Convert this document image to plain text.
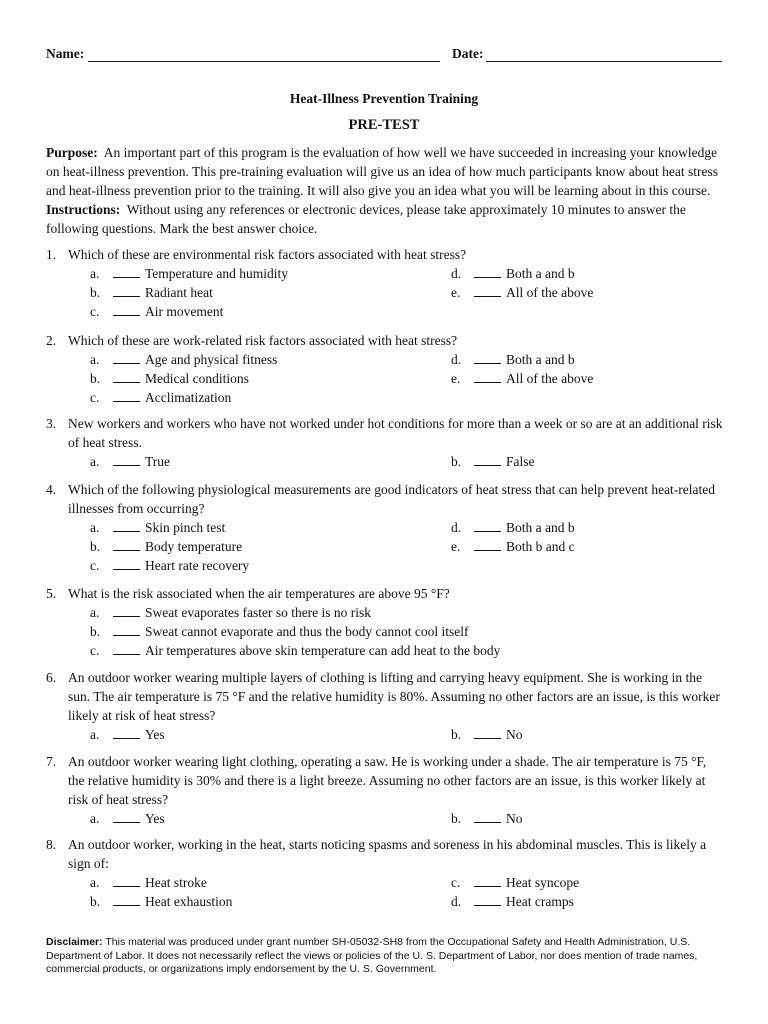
Name:	Date:
Heat-Illness Prevention Training
PRE-TEST
Purpose: An important part of this program is the evaluation of how well we have succeeded in increasing your knowledge on heat-illness prevention. This pre-training evaluation will give us an idea of how much participants know about heat stress and heat-illness prevention prior to the training. It will also give you an idea what you will be learning about in this course.  Instructions: Without using any references or electronic devices, please take approximately 10 minutes to answer the following questions. Mark the best answer choice.
1. Which of these are environmental risk factors associated with heat stress?
a.	Temperature and humidity
b.	Radiant heat
c.	Air movement
d.	Both a and b
e.	All of the above
2. Which of these are work-related risk factors associated with heat stress?
a.	Age and physical fitness
b.	Medical conditions
c.	Acclimatization
d.	Both a and b
e.	All of the above
3. New workers and workers who have not worked under hot conditions for more than a week or so are at an additional risk of heat stress.
a.	True	b.	False
4. Which of the following physiological measurements are good indicators of heat stress that can help prevent heat-related illnesses from occurring?
a.	Skin pinch test
b.	Body temperature
c.	Heart rate recovery
d.	Both a and b
e.	Both b and c
5. What is the risk associated when the air temperatures are above 95 °F?
a.	Sweat evaporates faster so there is no risk
b.	Sweat cannot evaporate and thus the body cannot cool itself
c.	Air temperatures above skin temperature can add heat to the body
6. An outdoor worker wearing multiple layers of clothing is lifting and carrying heavy equipment. She is working in the sun. The air temperature is 75 °F and the relative humidity is 80%. Assuming no other factors are an issue, is this worker likely at risk of heat stress?
a.	Yes	b.	No
7. An outdoor worker wearing light clothing, operating a saw. He is working under a shade. The air temperature is 75 °F, the relative humidity is 30% and there is a light breeze. Assuming no other factors are an issue, is this worker likely at risk of heat stress?
a.	Yes	b.	No
8. An outdoor worker, working in the heat, starts noticing spasms and soreness in his abdominal muscles. This is likely a sign of:
a.	Heat stroke
b.	Heat exhaustion
c.	Heat syncope
d.	Heat cramps
Disclaimer: This material was produced under grant number SH-05032-SH8 from the Occupational Safety and Health Administration, U.S. Department of Labor. It does not necessarily reflect the views or policies of the U. S. Department of Labor, nor does mention of trade names, commercial products, or organizations imply endorsement by the U. S. Government.
